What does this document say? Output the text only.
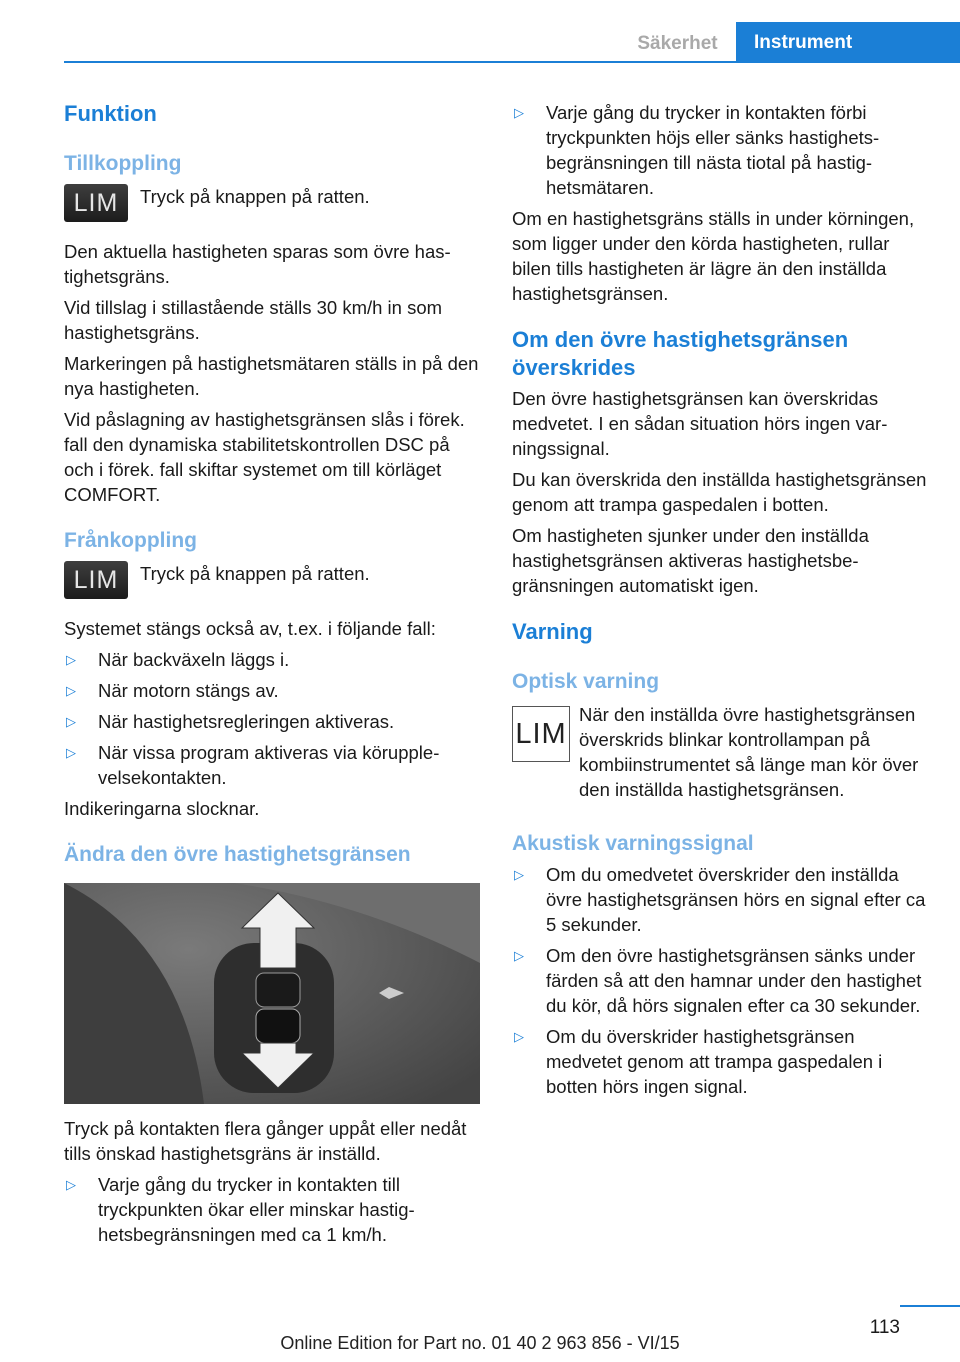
Säkerhet	Instrument
Funktion
Tillkoppling
LIM	Tryck på knappen på ratten.

Den aktuella hastigheten sparas som övre hastighetsgräns.

Vid tillslag i stillastående ställs 30 km/h in som hastighetsgräns.

Markeringen på hastighetsmätaren ställs in på den nya hastigheten.

Vid påslagning av hastighetsgränsen slås i förek. fall den dynamiska stabilitetskontrollen DSC på och i förek. fall skiftar systemet om till körläget COMFORT.

Frånkoppling
LIM	Tryck på knappen på ratten.

Systemet stängs också av, t.ex. i följande fall:

▷ När backväxeln läggs i.
▷ När motorn stängs av.
▷ När hastighetsregleringen aktiveras.
▷ När vissa program aktiveras via körupplevelsekontakten.

Indikeringarna slocknar.

Ändra den övre hastighetsgränsen

Tryck på kontakten flera gånger uppåt eller nedåt tills önskad hastighetsgräns är inställd.

▷ Varje gång du trycker in kontakten till tryckpunkten ökar eller minskar hastighetsbegränsningen med ca 1 km/h.
▷ Varje gång du trycker in kontakten förbi tryckpunkten höjs eller sänks hastighetsbegränsningen till nästa tiotal på hastighetsmätaren.

Om en hastighetsgräns ställs in under körningen, som ligger under den körda hastigheten, rullar bilen tills hastigheten är lägre än den inställda hastighetsgränsen.

Om den övre hastighetsgränsen överskrides

Den övre hastighetsgränsen kan överskridas medvetet. I en sådan situation hörs ingen varningssignal.

Du kan överskrida den inställda hastighetsgränsen genom att trampa gaspedalen i botten.

Om hastigheten sjunker under den inställda hastighetsgränsen aktiveras hastighetsbegränsningen automatiskt igen.

Varning
Optisk varning
LIM
När den inställda övre hastighetsgränsen överskrids blinkar kontrollampan på kombiinstrumentet så länge man kör över den inställda hastighetsgränsen.
Akustisk varningssignal
▷ Om du omedvetet överskrider den inställda övre hastighetsgränsen hörs en signal efter ca 5 sekunder.
▷ Om den övre hastighetsgränsen sänks under färden så att den hamnar under den hastighet du kör, då hörs signalen efter ca 30 sekunder.
▷ Om du överskrider hastighetsgränsen medvetet genom att trampa gaspedalen i botten hörs ingen signal.
113
Online Edition for Part no. 01 40 2 963 856 - VI/15
